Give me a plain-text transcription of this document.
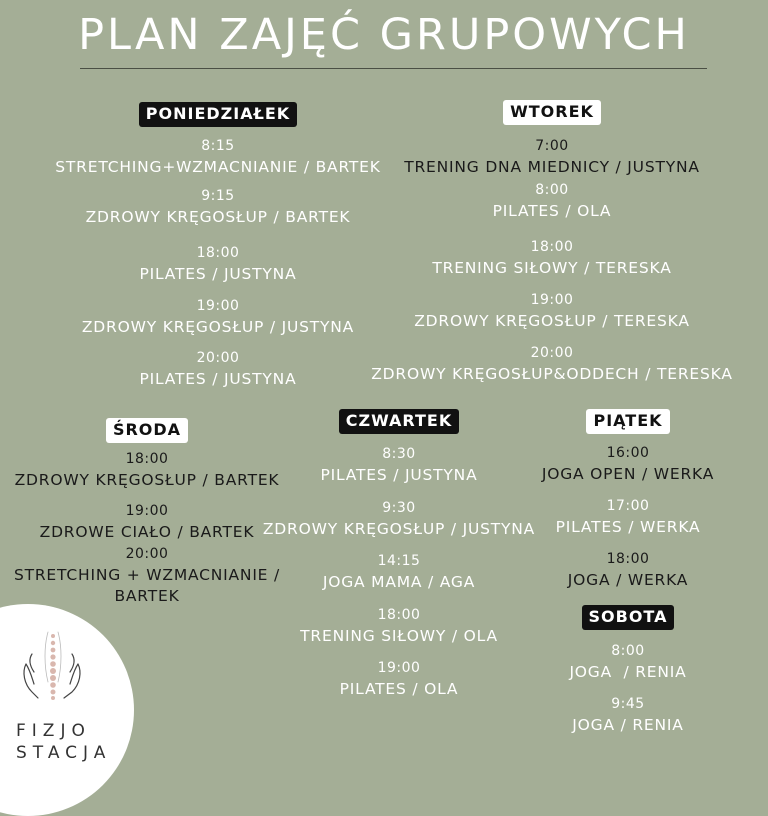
PLAN ZAJĘĆ GRUPOWYCH
PONIEDZIAŁEK
8:15
STRETCHING+WZMACNIANIE / BARTEK
9:15
ZDROWY KRĘGOSŁUP / BARTEK
18:00
PILATES / JUSTYNA
19:00
ZDROWY KRĘGOSŁUP / JUSTYNA
20:00
PILATES / JUSTYNA
WTOREK
7:00
TRENING DNA MIEDNICY / JUSTYNA
8:00
PILATES / OLA
18:00
TRENING SIŁOWY / TERESKA
19:00
ZDROWY KRĘGOSŁUP / TERESKA
20:00
ZDROWY KRĘGOSŁUP&ODDECH / TERESKA
ŚRODA
18:00
ZDROWY KRĘGOSŁUP / BARTEK
19:00
ZDROWE CIAŁO / BARTEK
20:00
STRETCHING + WZMACNIANIE /
BARTEK
CZWARTEK
8:30
PILATES / JUSTYNA
9:30
ZDROWY KRĘGOSŁUP / JUSTYNA
14:15
JOGA MAMA / AGA
18:00
TRENING SIŁOWY / OLA
19:00
PILATES / OLA
PIĄTEK
16:00
JOGA OPEN / WERKA
17:00
PILATES / WERKA
18:00
JOGA / WERKA
SOBOTA
8:00
JOGA  / RENIA
9:45
JOGA / RENIA
FIZJO
STACJA
